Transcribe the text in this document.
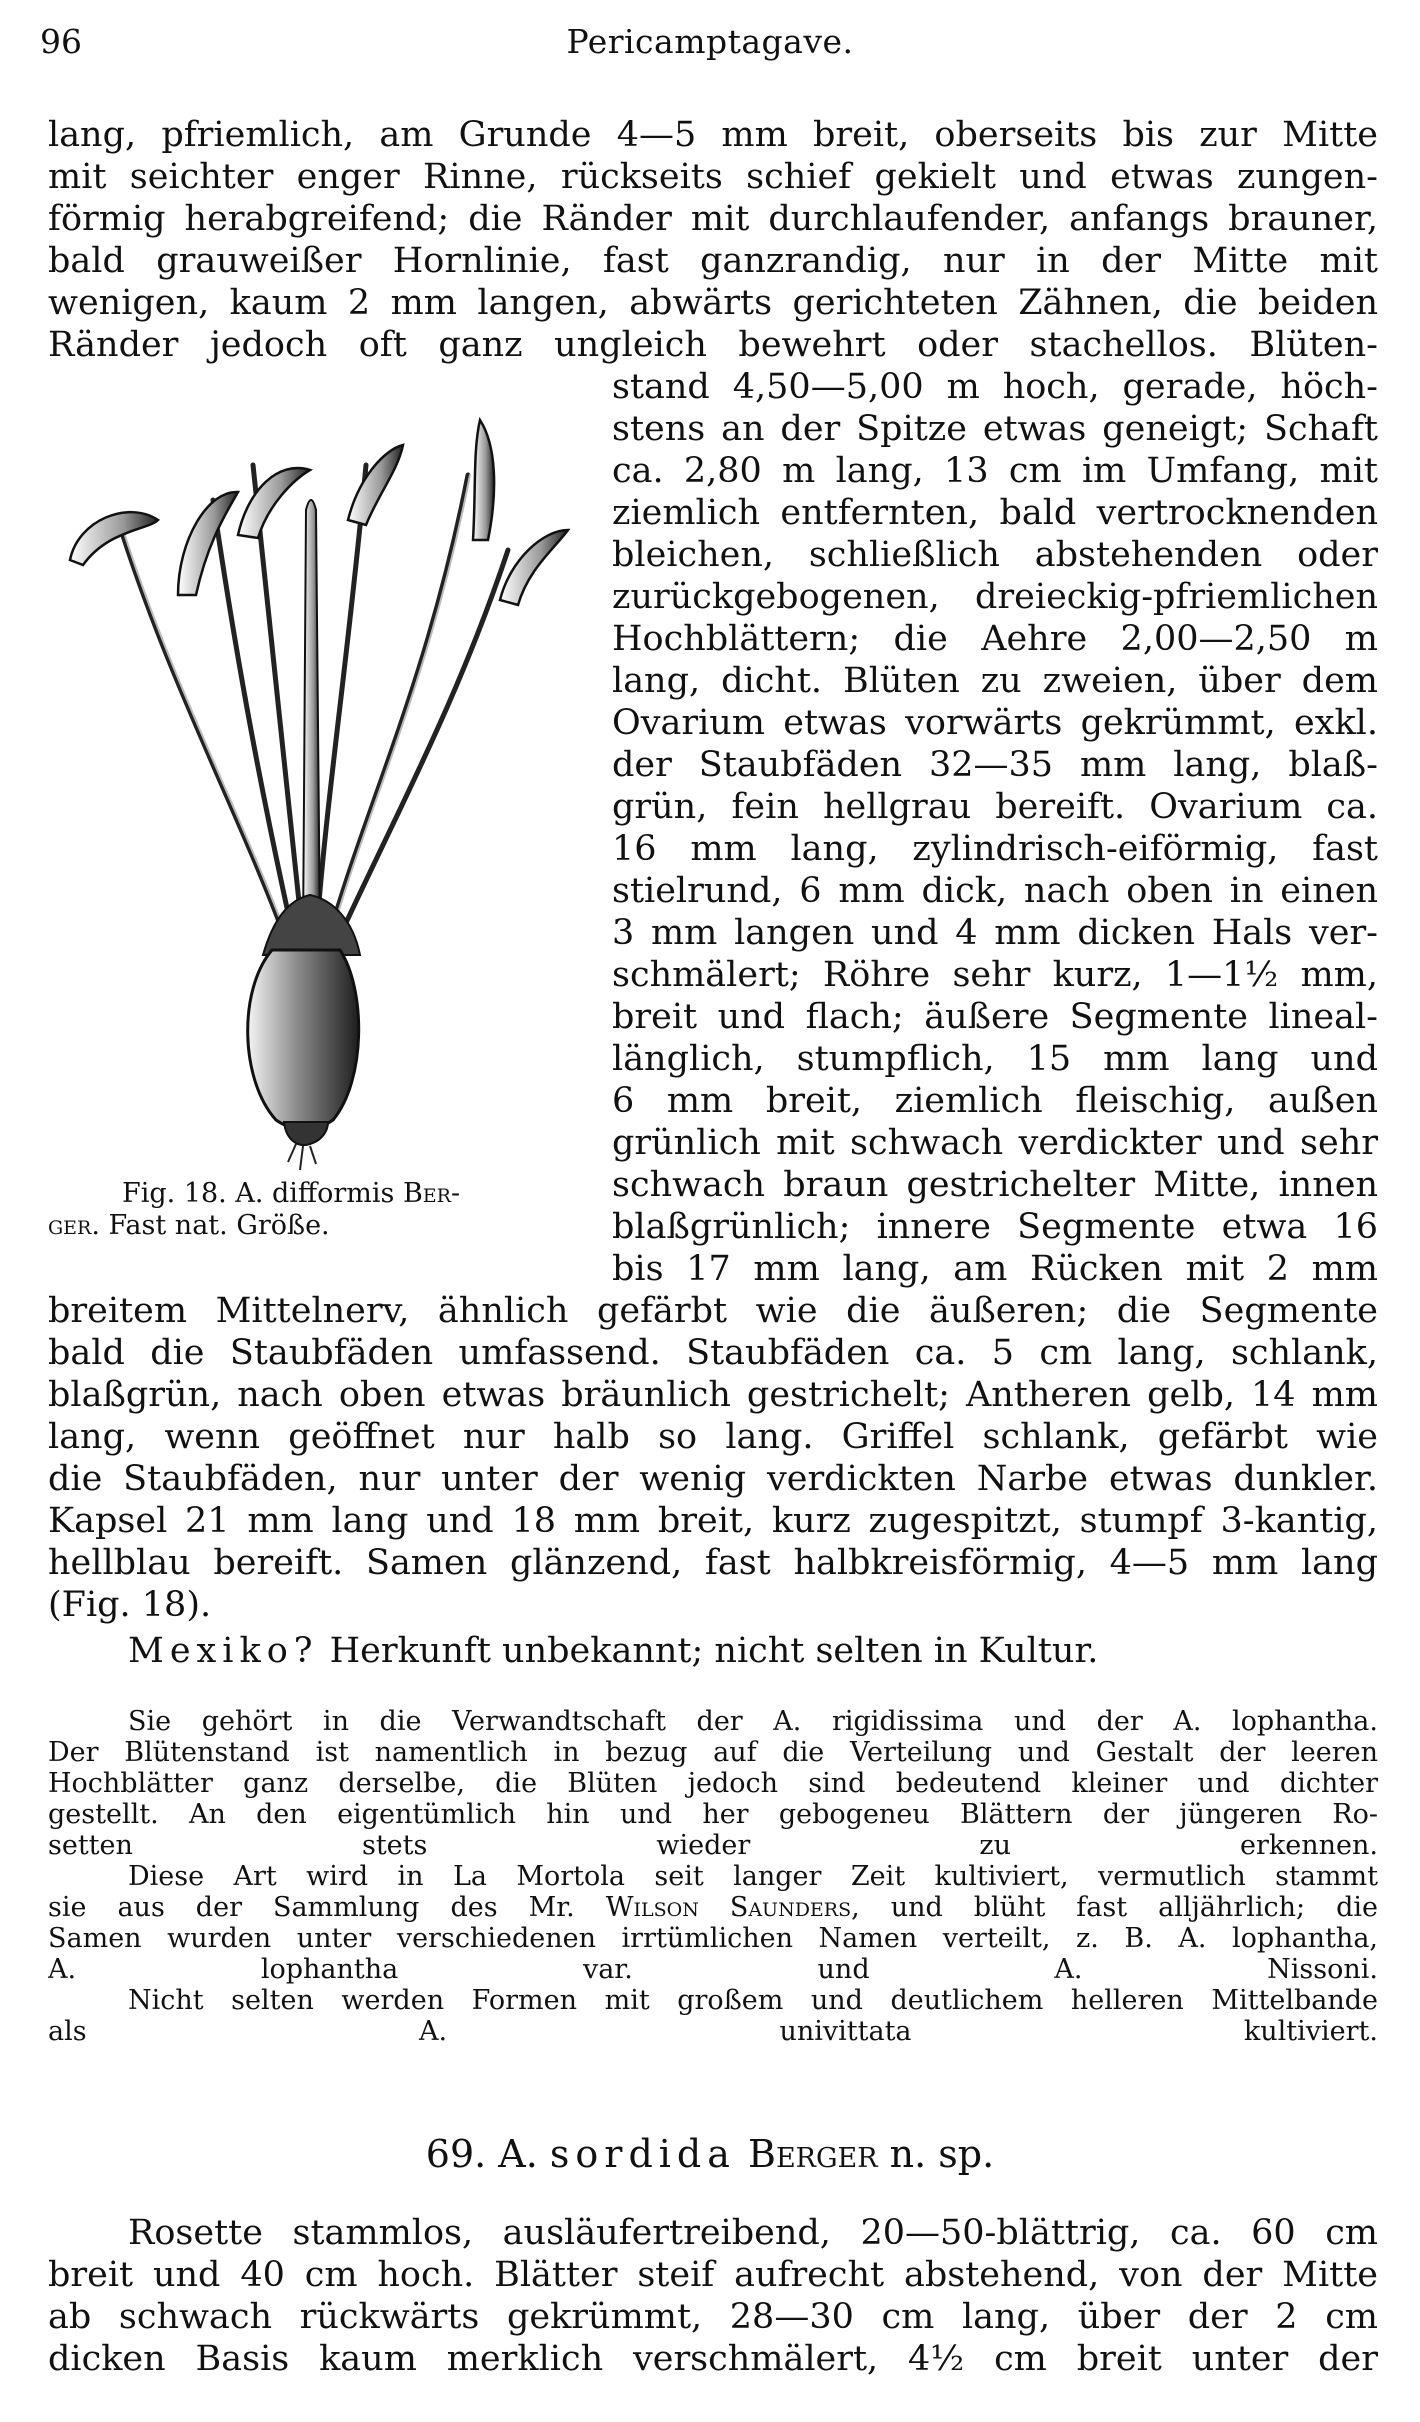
96	Pericamptagave.
lang, pfriemlich, am Grunde 4—5 mm breit, oberseits bis zur Mitte
mit seichter enger Rinne, rückseits schief gekielt und etwas zungen-
förmig herabgreifend; die Ränder mit durchlaufender, anfangs brauner,
bald grauweißer Hornlinie, fast ganzrandig, nur in der Mitte mit
wenigen, kaum 2 mm langen, abwärts gerichteten Zähnen, die beiden
Ränder jedoch oft ganz ungleich bewehrt oder stachellos. Blüten-
stand 4,50—5,00 m hoch, gerade, höch-
stens an der Spitze etwas geneigt; Schaft
ca. 2,80 m lang, 13 cm im Umfang, mit
ziemlich entfernten, bald vertrocknenden
bleichen, schließlich abstehenden oder
zurückgebogenen, dreieckig-pfriemlichen
Hochblättern; die Aehre 2,00—2,50 m
lang, dicht. Blüten zu zweien, über dem
Ovarium etwas vorwärts gekrümmt, exkl.
der Staubfäden 32—35 mm lang, blaß-
grün, fein hellgrau bereift. Ovarium ca.
16 mm lang, zylindrisch-eiförmig, fast
stielrund, 6 mm dick, nach oben in einen
3 mm langen und 4 mm dicken Hals ver-
schmälert; Röhre sehr kurz, 1—1½ mm,
breit und flach; äußere Segmente lineal-
länglich, stumpflich, 15 mm lang und
6 mm breit, ziemlich fleischig, außen
grünlich mit schwach verdickter und sehr
schwach braun gestrichelter Mitte, innen
blaßgrünlich; innere Segmente etwa 16
bis 17 mm lang, am Rücken mit 2 mm
Fig. 18. A. difformis Ber-
ger. Fast nat. Größe.
breitem Mittelnerv, ähnlich gefärbt wie die äußeren; die Segmente
bald die Staubfäden umfassend. Staubfäden ca. 5 cm lang, schlank,
blaßgrün, nach oben etwas bräunlich gestrichelt; Antheren gelb, 14 mm
lang, wenn geöffnet nur halb so lang. Griffel schlank, gefärbt wie
die Staubfäden, nur unter der wenig verdickten Narbe etwas dunkler.
Kapsel 21 mm lang und 18 mm breit, kurz zugespitzt, stumpf 3-kantig,
hellblau bereift. Samen glänzend, fast halbkreisförmig, 4—5 mm lang
(Fig. 18).
Mexiko? Herkunft unbekannt; nicht selten in Kultur.
Sie gehört in die Verwandtschaft der A. rigidissima und der A. lophantha.
Der Blütenstand ist namentlich in bezug auf die Verteilung und Gestalt der leeren
Hochblätter ganz derselbe, die Blüten jedoch sind bedeutend kleiner und dichter
gestellt. An den eigentümlich hin und her gebogeneu Blättern der jüngeren Ro-
setten stets wieder zu erkennen.
Diese Art wird in La Mortola seit langer Zeit kultiviert, vermutlich stammt
sie aus der Sammlung des Mr. Wilson Saunders, und blüht fast alljährlich; die
Samen wurden unter verschiedenen irrtümlichen Namen verteilt, z. B. A. lophantha,
A. lophantha var. und A. Nissoni.
Nicht selten werden Formen mit großem und deutlichem helleren Mittelbande
als A. univittata kultiviert.
69. A. sordida Berger n. sp.
Rosette stammlos, ausläufertreibend, 20—50-blättrig, ca. 60 cm
breit und 40 cm hoch. Blätter steif aufrecht abstehend, von der Mitte
ab schwach rückwärts gekrümmt, 28—30 cm lang, über der 2 cm
dicken Basis kaum merklich verschmälert, 4½ cm breit unter der
